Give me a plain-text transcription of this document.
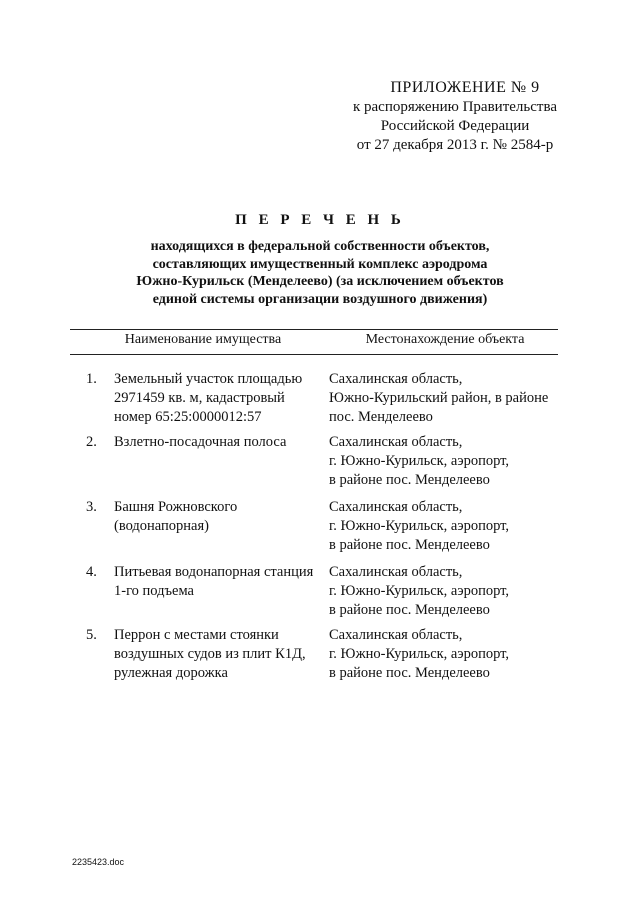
ПРИЛОЖЕНИЕ № 9
к распоряжению Правительства
Российской Федерации
от 27 декабря 2013 г. № 2584-р
П Е Р Е Ч Е Н Ь
находящихся в федеральной собственности объектов,
составляющих имущественный комплекс аэродрома
Южно-Курильск (Менделеево) (за исключением объектов
единой системы организации воздушного движения)
Наименование имущества	Местонахождение объекта
1. Земельный участок площадью
2971459 кв. м, кадастровый
номер 65:25:0000012:57
Сахалинская область,
Южно-Курильский район, в районе
пос. Менделеево
2. Взлетно-посадочная полоса	Сахалинская область,
г. Южно-Курильск, аэропорт,
в районе пос. Менделеево
3. Башня Рожновского
(водонапорная)
Сахалинская область,
г. Южно-Курильск, аэропорт,
в районе пос. Менделеево
4. Питьевая водонапорная станция
1-го подъема
Сахалинская область,
г. Южно-Курильск, аэропорт,
в районе пос. Менделеево
5. Перрон с местами стоянки
воздушных судов из плит К1Д,
рулежная дорожка
Сахалинская область,
г. Южно-Курильск, аэропорт,
в районе пос. Менделеево
2235423.doc
